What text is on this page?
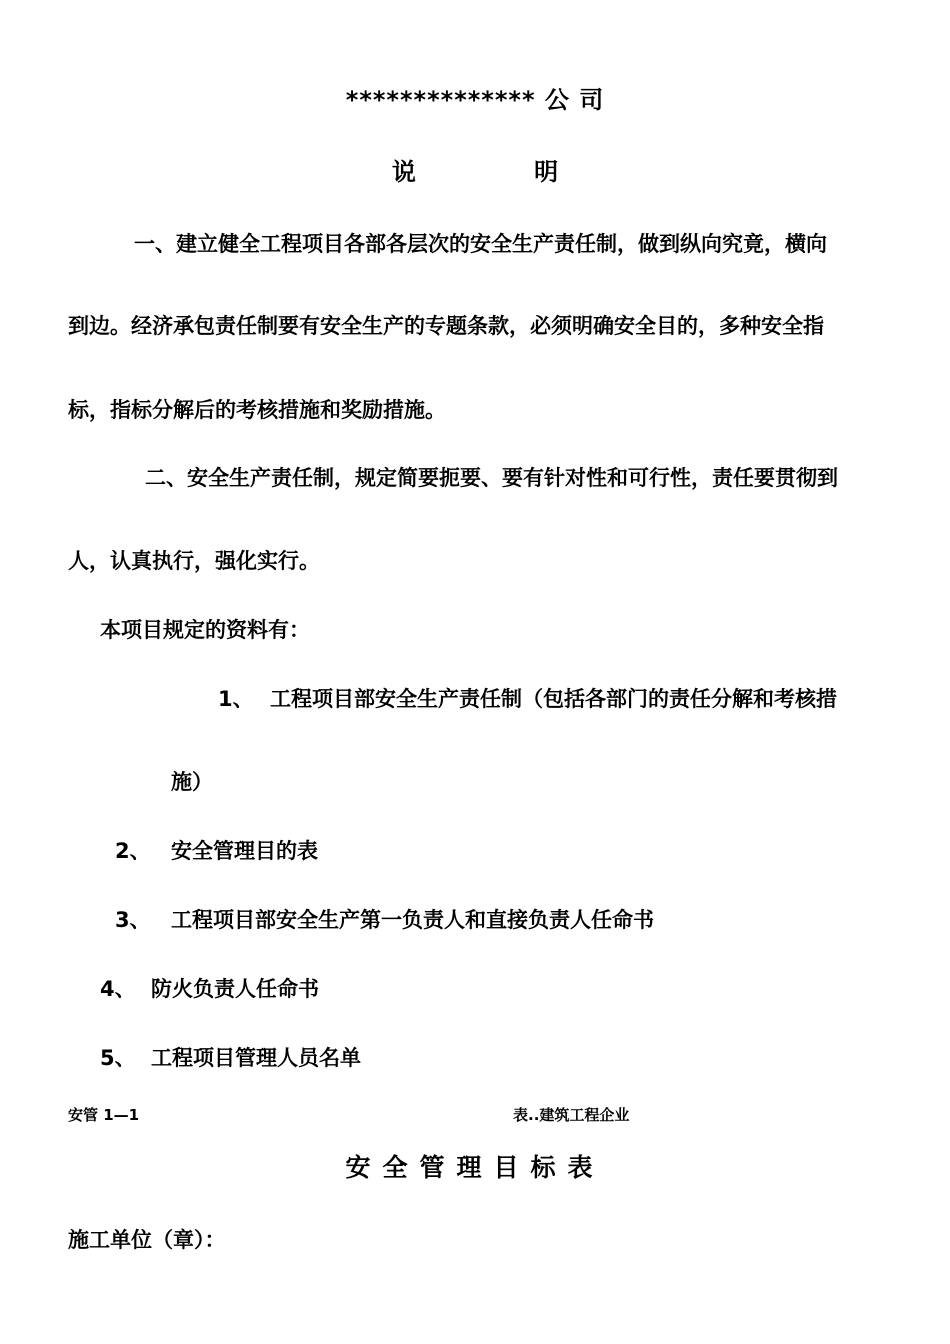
************** 公 司
说 明
一、建立健全工程项目各部各层次的安全生产责任制，做到纵向究竟，横向
到边。经济承包责任制要有安全生产的专题条款，必须明确安全目的，多种安全指
标，指标分解后的考核措施和奖励措施。
二、安全生产责任制，规定简要扼要、要有针对性和可行性，责任要贯彻到
人，认真执行，强化实行。
本项目规定的资料有：
1、 工程项目部安全生产责任制（包括各部门的责任分解和考核措
施）
2、 安全管理目的表
3、 工程项目部安全生产第一负责人和直接负责人任命书
4、 防火负责人任命书
5、 工程项目管理人员名单
安管 1—1	表..建筑工程企业
安全管理目标表
施工单位（章）：
